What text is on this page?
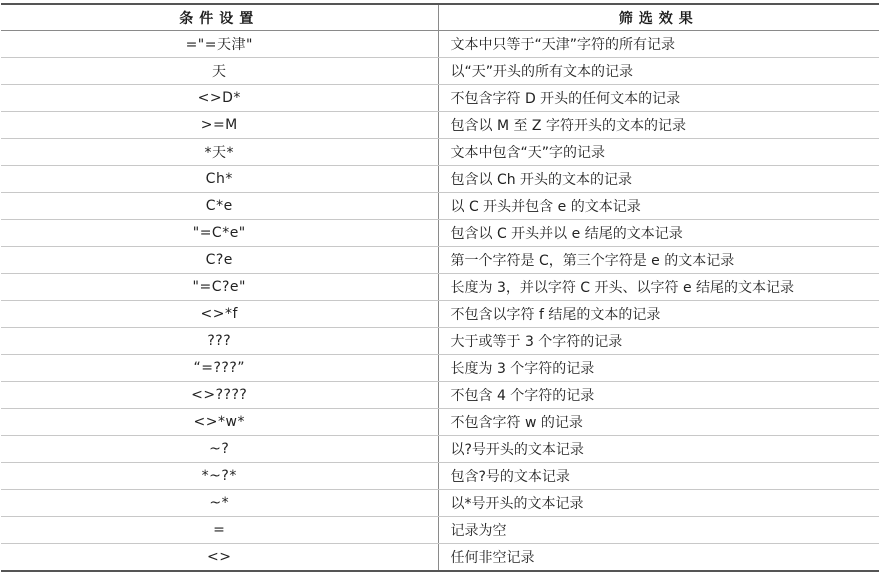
条件设置	筛选效果
="=天津"	文本中只等于“天津”字符的所有记录
天	以“天”开头的所有文本的记录
<>D*	不包含字符 D 开头的任何文本的记录
>=M	包含以 M 至 Z 字符开头的文本的记录
*天*	文本中包含“天”字的记录
Ch*	包含以 Ch 开头的文本的记录
C*e	以 C 开头并包含 e 的文本记录
"=C*e"	包含以 C 开头并以 e 结尾的文本记录
C?e	第一个字符是 C，第三个字符是 e 的文本记录
"=C?e"	长度为 3，并以字符 C 开头、以字符 e 结尾的文本记录
<>*f	不包含以字符 f 结尾的文本的记录
???	大于或等于 3 个字符的记录
“=???”	长度为 3 个字符的记录
<>????	不包含 4 个字符的记录
<>*w*	不包含字符 w 的记录
~?	以?号开头的文本记录
*~?*	包含?号的文本记录
~*	以*号开头的文本记录
=	记录为空
<>	任何非空记录
